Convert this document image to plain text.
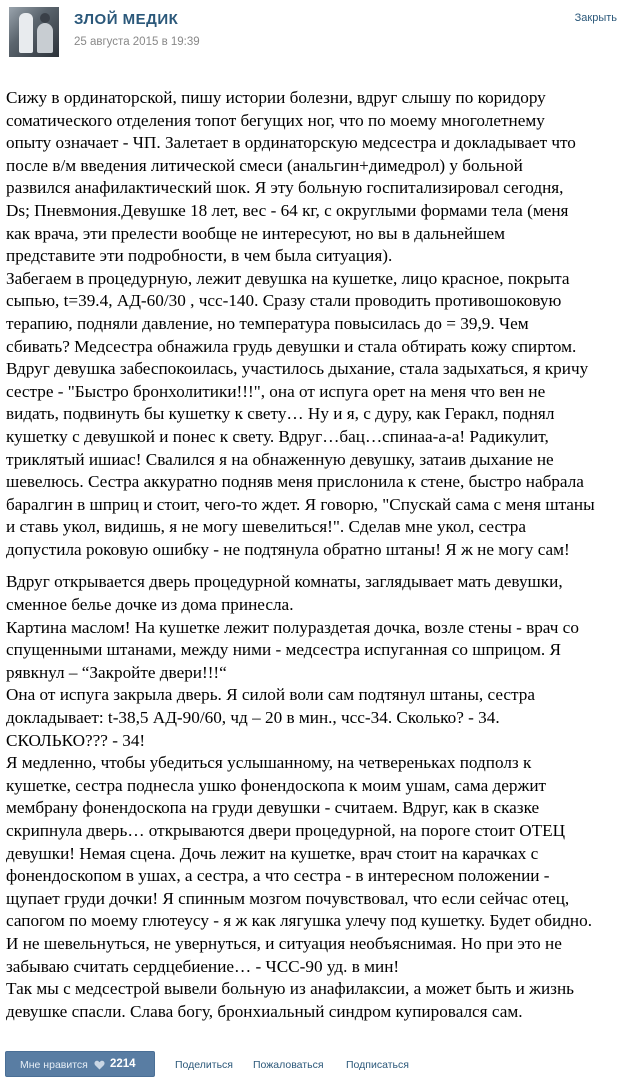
ЗЛОЙ МЕДИК
25 августа 2015 в 19:39
Закрыть

Сижу в ординаторской, пишу истории болезни, вдруг слышу по коридору
соматического отделения топот бегущих ног, что по моему многолетнему
опыту означает - ЧП. Залетает в ординаторскую медсестра и докладывает что
после в/м введения литической смеси (анальгин+димедрол) у больной
развился анафилактический шок. Я эту больную госпитализировал сегодня,
Ds; Пневмония.Девушке 18 лет, вес - 64 кг, с округлыми формами тела (меня
как врача, эти прелести вообще не интересуют, но вы в дальнейшем
представите эти подробности, в чем была ситуация).
Забегаем в процедурную, лежит девушка на кушетке, лицо красное, покрыта
сыпью, t=39.4, АД-60/30 , чсс-140. Сразу стали проводить противошоковую
терапию, подняли давление, но температура повысилась до = 39,9. Чем
сбивать? Медсестра обнажила грудь девушки и стала обтирать кожу спиртом.
Вдруг девушка забеспокоилась, участилось дыхание, стала задыхаться, я кричу
сестре - "Быстро бронхолитики!!!", она от испуга орет на меня что вен не
видать, подвинуть бы кушетку к свету… Ну и я, с дуру, как Геракл, поднял
кушетку с девушкой и понес к свету. Вдруг…бац…спинаа-а-а! Радикулит,
триклятый ишиас! Свалился я на обнаженную девушку, затаив дыхание не
шевелюсь. Сестра аккуратно подняв меня прислонила к стене, быстро набрала
баралгин в шприц и стоит, чего-то ждет. Я говорю, "Спускай сама с меня штаны
и ставь укол, видишь, я не могу шевелиться!". Сделав мне укол, сестра
допустила роковую ошибку - не подтянула обратно штаны! Я ж не могу сам!

Вдруг открывается дверь процедурной комнаты, заглядывает мать девушки,
сменное белье дочке из дома принесла.
Картина маслом! На кушетке лежит полураздетая дочка, возле стены - врач со
спущенными штанами, между ними - медсестра испуганная со шприцом. Я
рявкнул – “Закройте двери!!!“
Она от испуга закрыла дверь. Я силой воли сам подтянул штаны, сестра
докладывает: t-38,5 АД-90/60, чд – 20 в мин., чсс-34. Сколько? - 34.
СКОЛЬКО??? - 34!
Я медленно, чтобы убедиться услышанному, на четвереньках подполз к
кушетке, сестра поднесла ушко фонендоскопа к моим ушам, сама держит
мембрану фонендоскопа на груди девушки - считаем. Вдруг, как в сказке
скрипнула дверь… открываются двери процедурной, на пороге стоит ОТЕЦ
девушки! Немая сцена. Дочь лежит на кушетке, врач стоит на карачках с
фонендоскопом в ушах, а сестра, а что сестра - в интересном положении -
щупает груди дочки! Я спинным мозгом почувствовал, что если сейчас отец,
сапогом по моему глютеусу - я ж как лягушка улечу под кушетку. Будет обидно.
И не шевельнуться, не увернуться, и ситуация необъяснимая. Но при это не
забываю считать сердцебиение… - ЧСС-90 уд. в мин!
Так мы с медсестрой вывели больную из анафилаксии, а может быть и жизнь
девушке спасли. Слава богу, бронхиальный синдром купировался сам.

Мне нравится 2214	Поделиться Пожаловаться Подписаться
